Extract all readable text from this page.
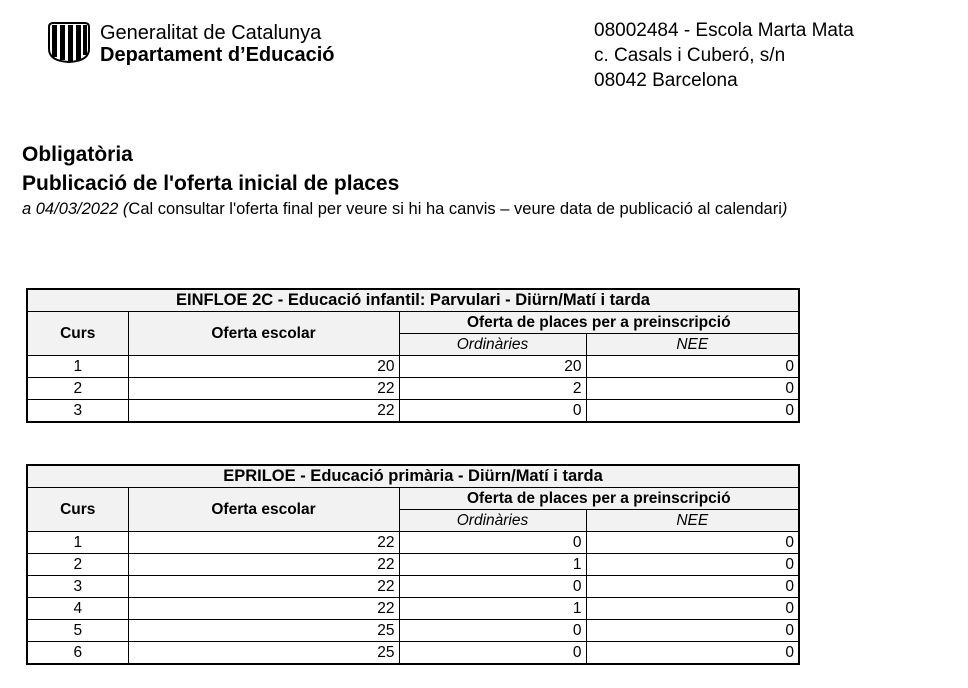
Generalitat de Catalunya
Departament d’Educació
08002484 - Escola Marta Mata
c. Casals i Cuberó, s/n
08042 Barcelona
Obligatòria
Publicació de l'oferta inicial de places
a 04/03/2022 (Cal consultar l'oferta final per veure si hi ha canvis – veure data de publicació al calendari)
EINFLOE 2C - Educació infantil: Parvulari - Diürn/Matí i tarda			
Curs	Oferta escolar	Oferta de places per a preinscripció	
		Ordinàries	NEE
1	20	20	0
2	22	2	0
3	22	0	0
EPRILOE - Educació primària - Diürn/Matí i tarda			
Curs	Oferta escolar	Oferta de places per a preinscripció	
		Ordinàries	NEE
1	22	0	0
2	22	1	0
3	22	0	0
4	22	1	0
5	25	0	0
6	25	0	0
